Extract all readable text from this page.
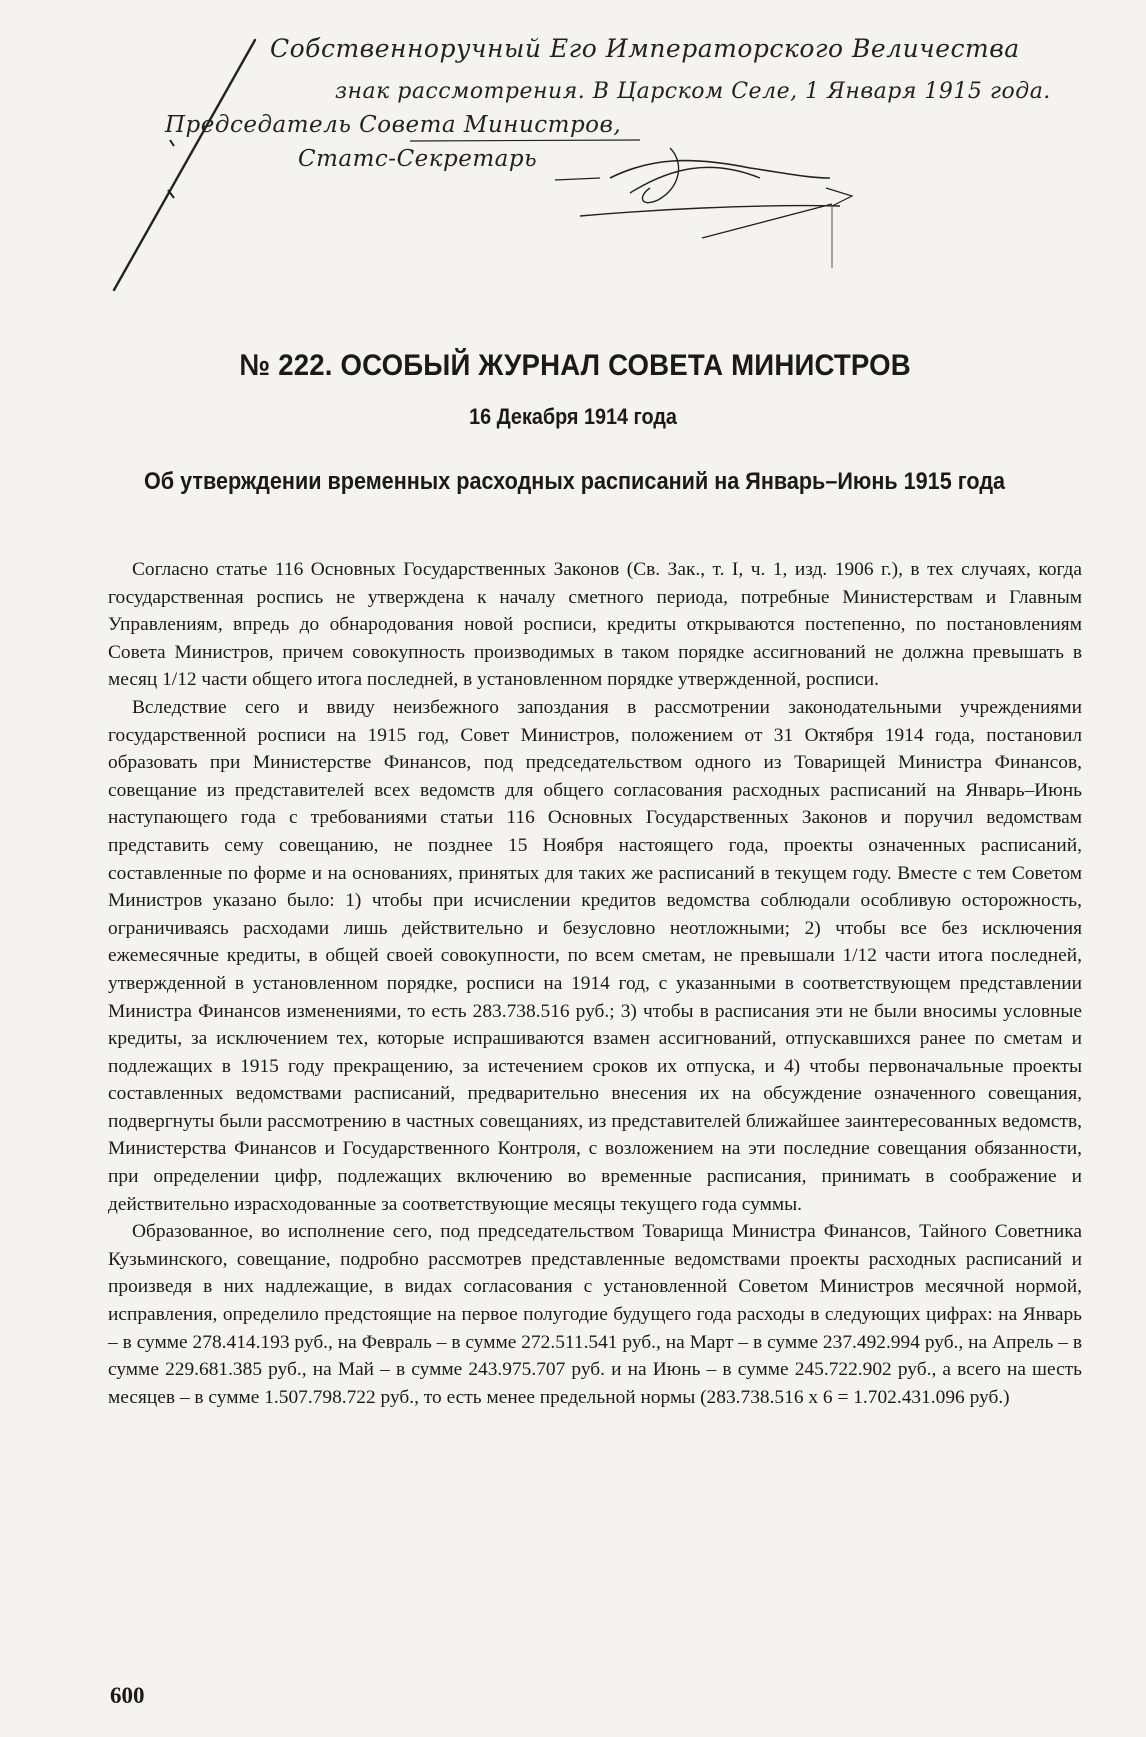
Собственноручный Его Императорского Величества
знак рассмотрения. В Царском Селе, 1 Января 1915 года.
Председатель Совета Министров,
Статс-Секретарь
№ 222. ОСОБЫЙ ЖУРНАЛ СОВЕТА МИНИСТРОВ
16 Декабря 1914 года
Об утверждении временных расходных расписаний на Январь–Июнь 1915 года

Согласно статье 116 Основных Государственных Законов (Св. Зак., т. I, ч. 1, изд. 1906 г.), в тех случаях, когда государственная роспись не утверждена к началу сметного периода, потребные Министерствам и Главным Управлениям, впредь до обнародования новой росписи, кредиты открываются постепенно, по постановлениям Совета Министров, причем совокупность производимых в таком порядке ассигнований не должна превышать в месяц 1/12 части общего итога последней, в установленном порядке утвержденной, росписи.

Вследствие сего и ввиду неизбежного запоздания в рассмотрении законодательными учреждениями государственной росписи на 1915 год, Совет Министров, положением от 31 Октября 1914 года, постановил образовать при Министерстве Финансов, под председательством одного из Товарищей Министра Финансов, совещание из представителей всех ведомств для общего согласования расходных расписаний на Январь–Июнь наступающего года с требованиями статьи 116 Основных Государственных Законов и поручил ведомствам представить сему совещанию, не позднее 15 Ноября настоящего года, проекты означенных расписаний, составленные по форме и на основаниях, принятых для таких же расписаний в текущем году. Вместе с тем Советом Министров указано было: 1) чтобы при исчислении кредитов ведомства соблюдали особливую осторожность, ограничиваясь расходами лишь действительно и безусловно неотложными; 2) чтобы все без исключения ежемесячные кредиты, в общей своей совокупности, по всем сметам, не превышали 1/12 части итога последней, утвержденной в установленном порядке, росписи на 1914 год, с указанными в соответствующем представлении Министра Финансов изменениями, то есть 283.738.516 руб.; 3) чтобы в расписания эти не были вносимы условные кредиты, за исключением тех, которые испрашиваются взамен ассигнований, отпускавшихся ранее по сметам и подлежащих в 1915 году прекращению, за истечением сроков их отпуска, и 4) чтобы первоначальные проекты составленных ведомствами расписаний, предварительно внесения их на обсуждение означенного совещания, подвергнуты были рассмотрению в частных совещаниях, из представителей ближайшее заинтересованных ведомств, Министерства Финансов и Государственного Контроля, с возложением на эти последние совещания обязанности, при определении цифр, подлежащих включению во временные расписания, принимать в соображение и действительно израсходованные за соответствующие месяцы текущего года суммы.

Образованное, во исполнение сего, под председательством Товарища Министра Финансов, Тайного Советника Кузьминского, совещание, подробно рассмотрев представленные ведомствами проекты расходных расписаний и произведя в них надлежащие, в видах согласования с установленной Советом Министров месячной нормой, исправления, определило предстоящие на первое полугодие будущего года расходы в следующих цифрах: на Январь – в сумме 278.414.193 руб., на Февраль – в сумме 272.511.541 руб., на Март – в сумме 237.492.994 руб., на Апрель – в сумме 229.681.385 руб., на Май – в сумме 243.975.707 руб. и на Июнь – в сумме 245.722.902 руб., а всего на шесть месяцев – в сумме 1.507.798.722 руб., то есть менее предельной нормы (283.738.516 x 6 = 1.702.431.096 руб.)

600
